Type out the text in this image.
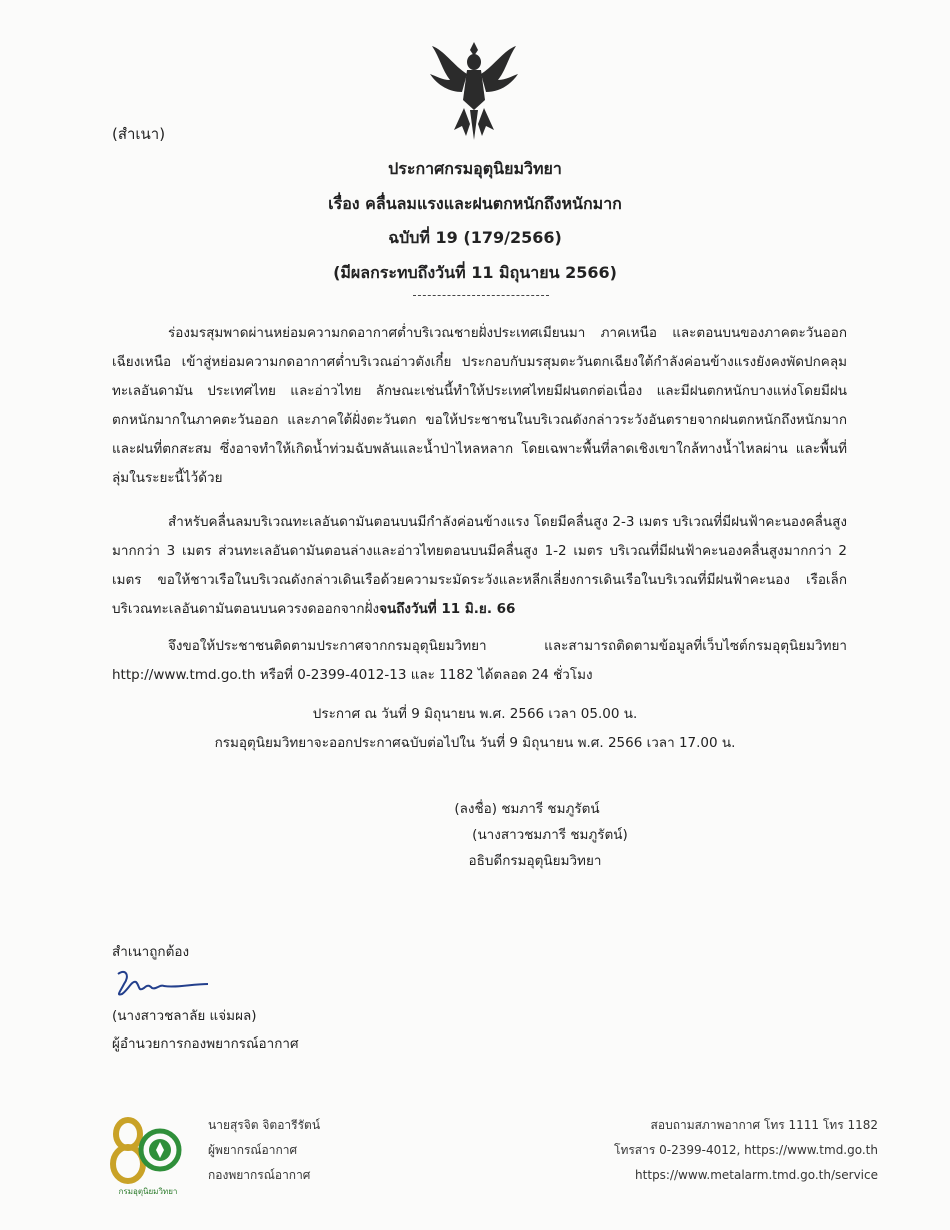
(สำเนา)
ประกาศกรมอุตุนิยมวิทยา
เรื่อง คลื่นลมแรงและฝนตกหนักถึงหนักมาก
ฉบับที่ 19 (179/2566)
(มีผลกระทบถึงวันที่ 11 มิถุนายน 2566)
ร่องมรสุมพาดผ่านหย่อมความกดอากาศต่ำบริเวณชายฝั่งประเทศเมียนมา ภาคเหนือ และตอนบนของภาคตะวันออกเฉียงเหนือ เข้าสู่หย่อมความกดอากาศต่ำบริเวณอ่าวตังเกี๋ย ประกอบกับมรสุมตะวันตกเฉียงใต้กำลังค่อนข้างแรงยังคงพัดปกคลุมทะเลอันดามัน ประเทศไทย และอ่าวไทย ลักษณะเช่นนี้ทำให้ประเทศไทยมีฝนตกต่อเนื่อง และมีฝนตกหนักบางแห่งโดยมีฝนตกหนักมากในภาคตะวันออก และภาคใต้ฝั่งตะวันตก ขอให้ประชาชนในบริเวณดังกล่าวระวังอันตรายจากฝนตกหนักถึงหนักมากและฝนที่ตกสะสม ซึ่งอาจทำให้เกิดน้ำท่วมฉับพลันและน้ำป่าไหลหลาก โดยเฉพาะพื้นที่ลาดเชิงเขาใกล้ทางน้ำไหลผ่าน และพื้นที่ลุ่มในระยะนี้ไว้ด้วย
สำหรับคลื่นลมบริเวณทะเลอันดามันตอนบนมีกำลังค่อนข้างแรง โดยมีคลื่นสูง 2-3 เมตร บริเวณที่มีฝนฟ้าคะนองคลื่นสูงมากกว่า 3 เมตร ส่วนทะเลอันดามันตอนล่างและอ่าวไทยตอนบนมีคลื่นสูง 1-2 เมตร บริเวณที่มีฝนฟ้าคะนองคลื่นสูงมากกว่า 2 เมตร ขอให้ชาวเรือในบริเวณดังกล่าวเดินเรือด้วยความระมัดระวังและหลีกเลี่ยงการเดินเรือในบริเวณที่มีฝนฟ้าคะนอง เรือเล็กบริเวณทะเลอันดามันตอนบนควรงดออกจากฝั่งจนถึงวันที่ 11 มิ.ย. 66
จึงขอให้ประชาชนติดตามประกาศจากกรมอุตุนิยมวิทยา และสามารถติดตามข้อมูลที่เว็บไซต์กรมอุตุนิยมวิทยา http://www.tmd.go.th หรือที่ 0-2399-4012-13 และ 1182 ได้ตลอด 24 ชั่วโมง
ประกาศ ณ วันที่ 9 มิถุนายน พ.ศ. 2566 เวลา 05.00 น.
กรมอุตุนิยมวิทยาจะออกประกาศฉบับต่อไปใน วันที่ 9 มิถุนายน พ.ศ. 2566 เวลา 17.00 น.
(ลงชื่อ) ชมภารี ชมภูรัตน์
(นางสาวชมภารี ชมภูรัตน์)
อธิบดีกรมอุตุนิยมวิทยา
สำเนาถูกต้อง
(นางสาวชลาลัย แจ่มผล)
ผู้อำนวยการกองพยากรณ์อากาศ
กรมอุตุนิยมวิทยา
นายสุรจิต จิตอารีรัตน์
ผู้พยากรณ์อากาศ
กองพยากรณ์อากาศ
สอบถามสภาพอากาศ โทร 1111 โทร 1182
โทรสาร 0-2399-4012, https://www.tmd.go.th
https://www.metalarm.tmd.go.th/service
